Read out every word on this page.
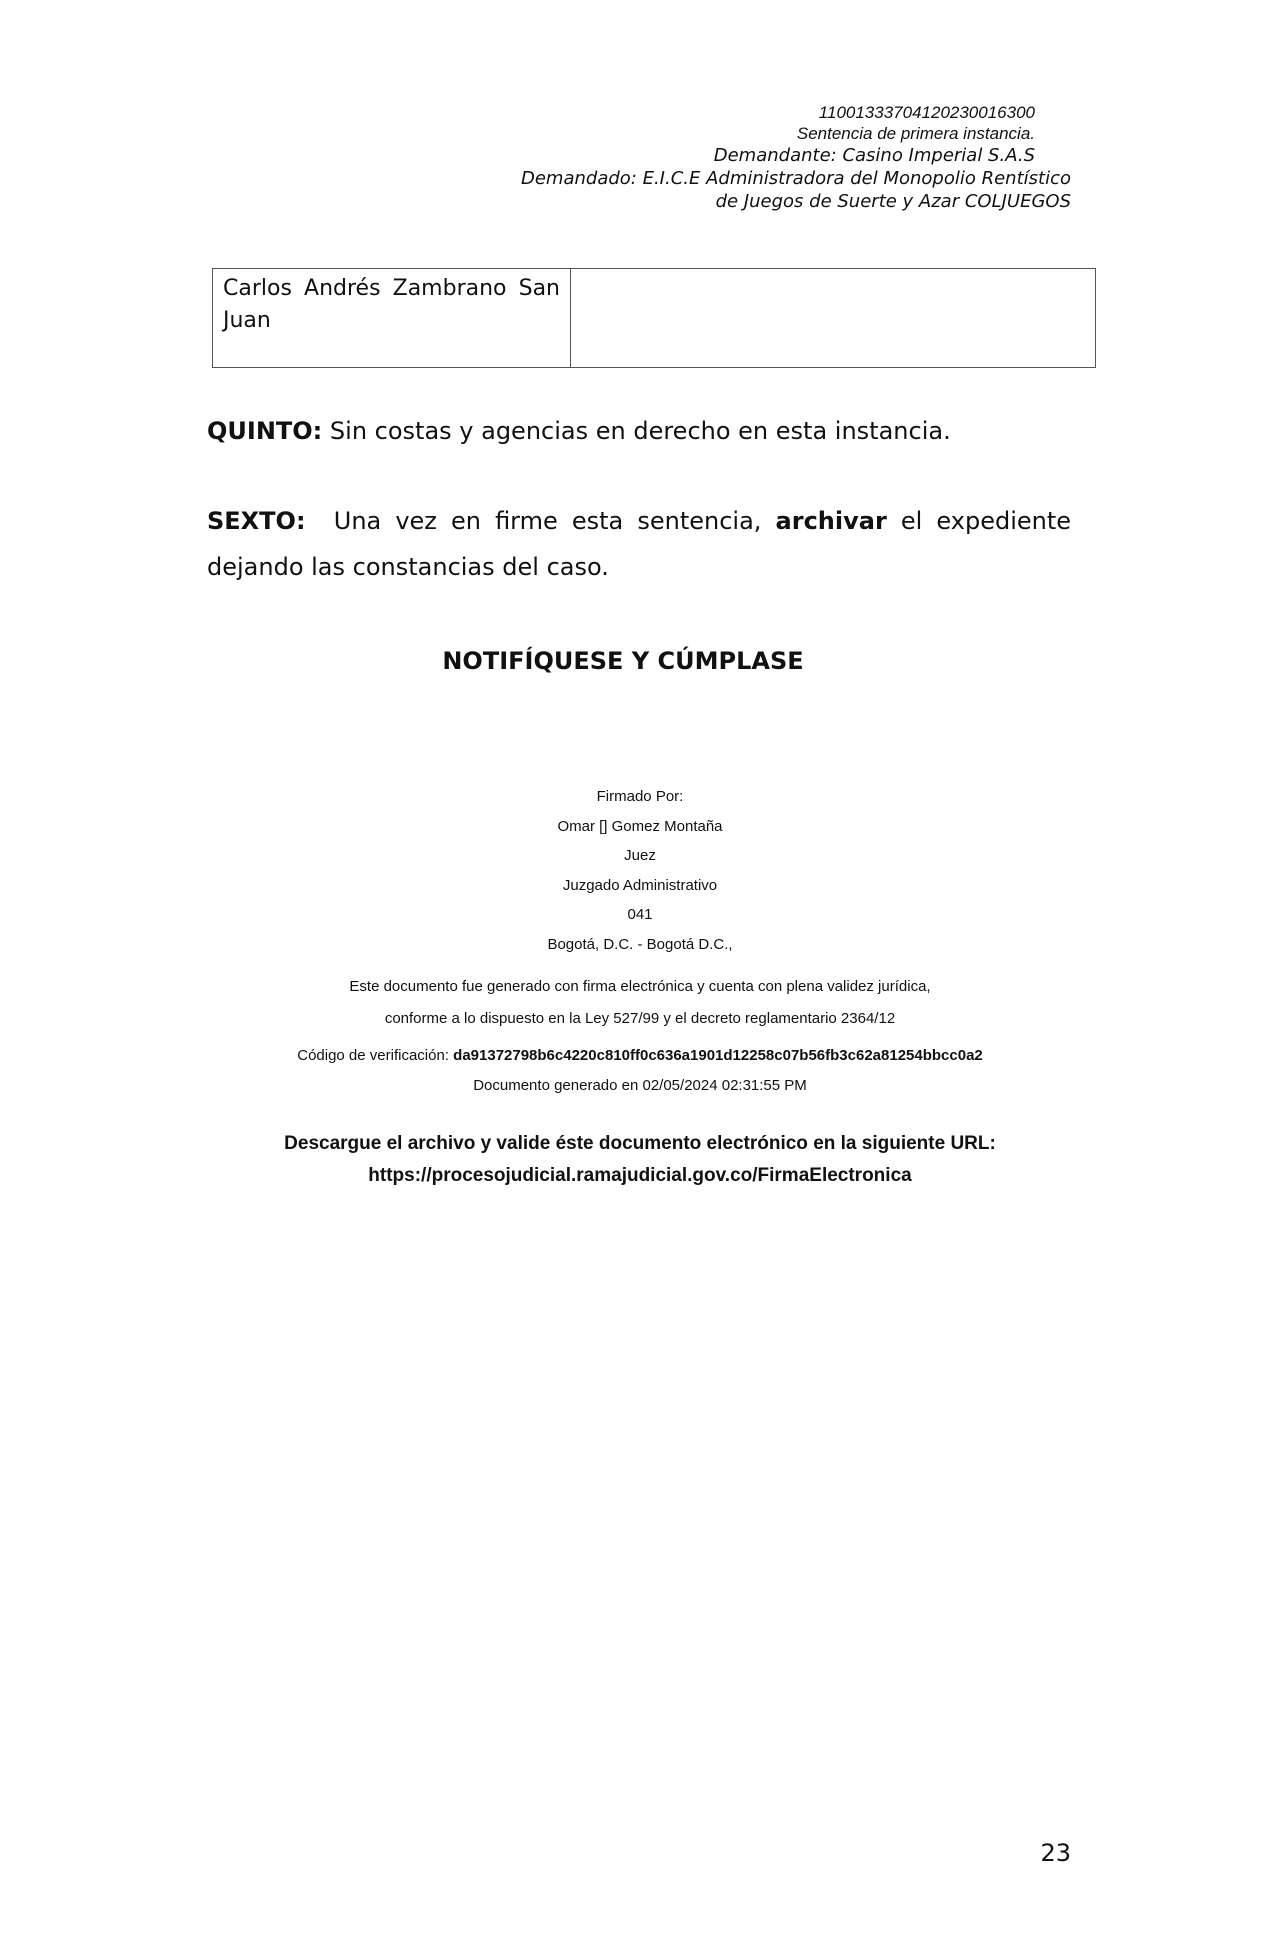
11001333704120230016300
Sentencia de primera instancia.
Demandante: Casino Imperial S.A.S
Demandado: E.I.C.E Administradora del Monopolio Rentístico
de Juegos de Suerte y Azar COLJUEGOS
Carlos Andrés Zambrano San Juan	
QUINTO: Sin costas y agencias en derecho en esta instancia.
SEXTO:  Una vez en firme esta sentencia, archivar el expediente dejando las constancias del caso.
NOTIFÍQUESE Y CÚMPLASE
Firmado Por:
Omar [] Gomez Montaña
Juez
Juzgado Administrativo
041
Bogotá, D.C. - Bogotá D.C.,
Este documento fue generado con firma electrónica y cuenta con plena validez jurídica,
conforme a lo dispuesto en la Ley 527/99 y el decreto reglamentario 2364/12
Código de verificación: da91372798b6c4220c810ff0c636a1901d12258c07b56fb3c62a81254bbcc0a2
Documento generado en 02/05/2024 02:31:55 PM
Descargue el archivo y valide éste documento electrónico en la siguiente URL:
https://procesojudicial.ramajudicial.gov.co/FirmaElectronica
23
